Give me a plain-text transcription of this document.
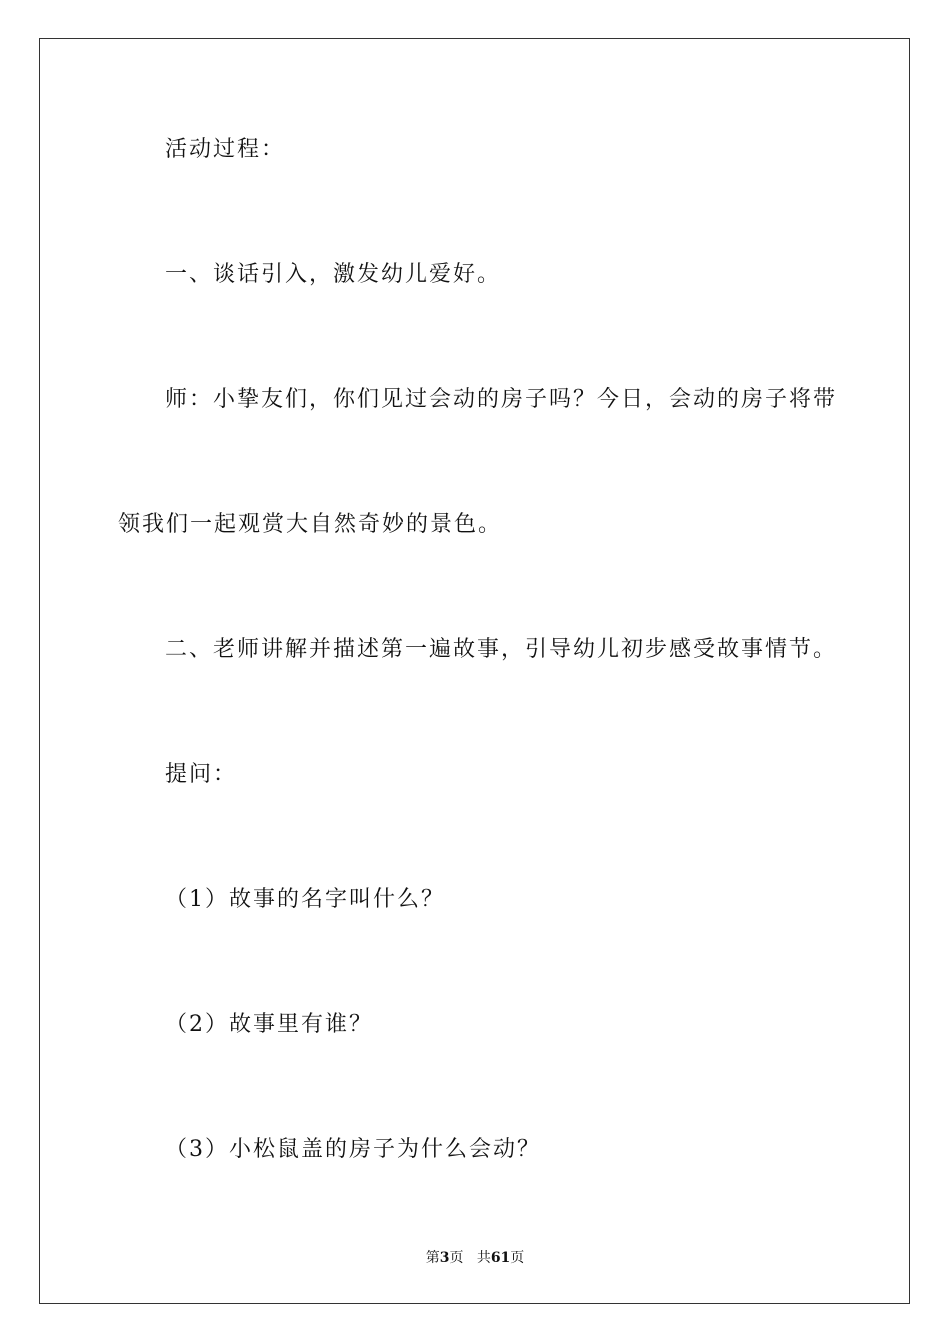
活动过程：
一、谈话引入，激发幼儿爱好。
师：小挚友们，你们见过会动的房子吗？今日，会动的房子将带
领我们一起观赏大自然奇妙的景色。
二、老师讲解并描述第一遍故事，引导幼儿初步感受故事情节。
提问：
（1）故事的名字叫什么？
（2）故事里有谁？
（3）小松鼠盖的房子为什么会动？
第3页 共61页
